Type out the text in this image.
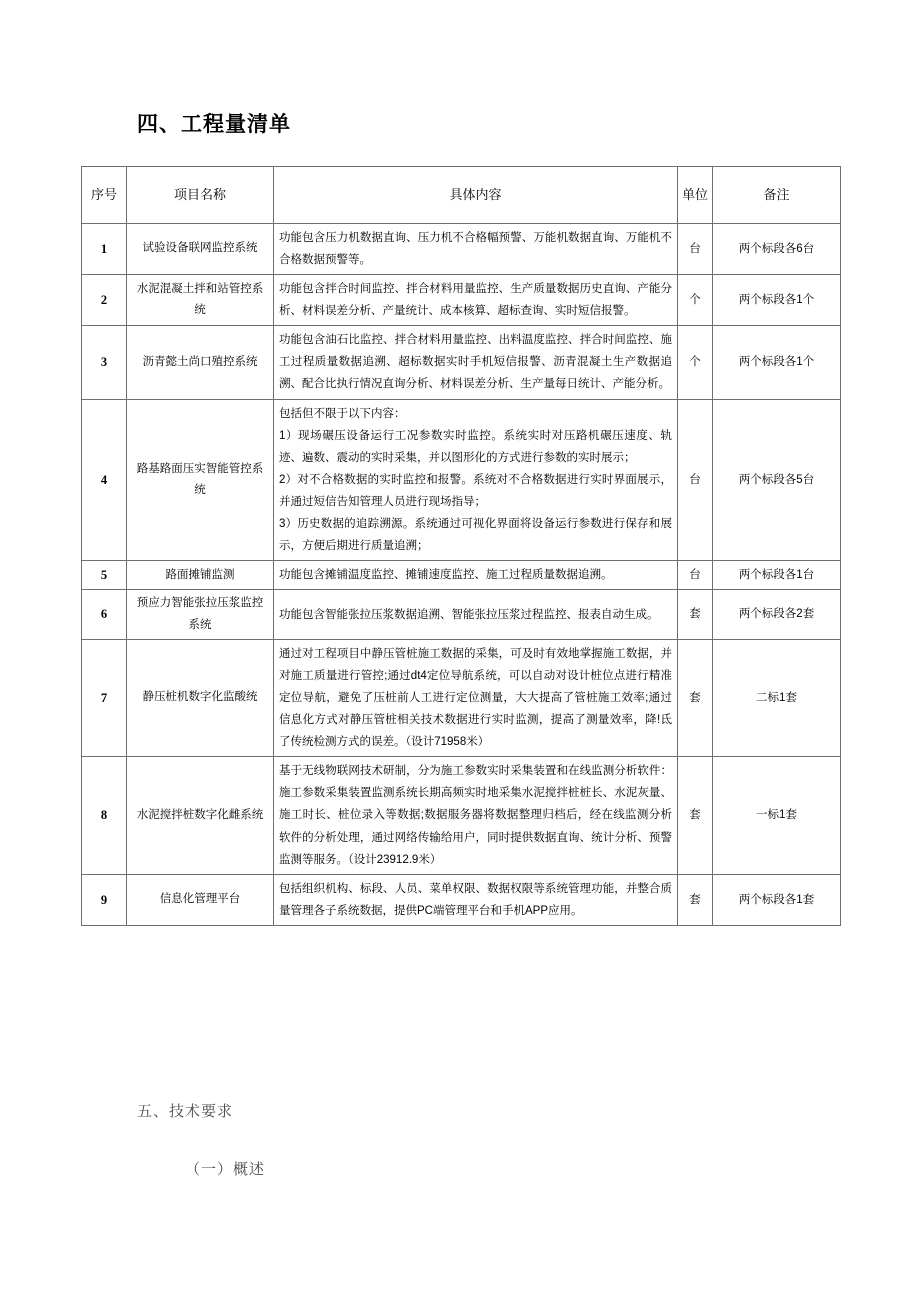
四、工程量清单
序号	项目名称	具体内容	单位	备注
1	试验设备联网监控系统	功能包含压力机数据直询、压力机不合格幅预警、万能机数据直询、万能机不合格数据预警等。	台	两个标段各6台
2	水泥混凝土拌和站管控系统	功能包含拌合时间监控、拌合材料用量监控、生产质量数据历史直询、产能分析、材料误差分析、产量统计、成本核算、超标查询、实时短信报警。	个	两个标段各1个
3	沥青懿土尚口殖控系统	功能包含油石比监控、拌合材料用量监控、出料温度监控、拌合时间监控、施工过程质量数据追溯、超标数据实时手机短信报警、沥青混凝土生产数据追溯、配合比执行情况直询分析、材料误差分析、生产量每日统计、产能分析。	个	两个标段各1个
4	路基路面压实智能管控系统	包括但不限于以下内容：
1）现场碾压设备运行工况参数实时监控。系统实时对压路机碾压速度、轨迹、遍数、震动的实时采集，并以图形化的方式进行参数的实时展示；
2）对不合格数据的实时监控和报警。系统对不合格数据进行实时界面展示，并通过短信告知管理人员进行现场指导；
3）历史数据的追踪溯源。系统通过可视化界面将设备运行参数进行保存和展示，方便后期进行质量追溯；	台	两个标段各5台
5	路面摊铺监测	功能包含摊铺温度监控、摊铺速度监控、施工过程质量数据追溯。	台	两个标段各1台
6	预应力智能张拉压浆监控系统	功能包含智能张拉压浆数据追溯、智能张拉压浆过程监控、报表自动生成。	套	两个标段各2套
7	静压桩机数字化监酸统	通过对工程项目中静压管桩施工数据的采集，可及时有效地掌握施工数据，并对施工质量进行管控;通过dt4定位导航系统，可以自动对设计桩位点进行精准定位导航，避免了压桩前人工进行定位测量，大大提高了管桩施工效率;通过信息化方式对静压管桩相关技术数据进行实时监测，提高了测量效率，降!氐了传统检测方式的误差。（设计71958米）	套	二标1套
8	水泥搅拌桩数字化雌系统	基于无线物联网技术研制，分为施工参数实时采集装置和在线监测分析软件：施工参数采集装置监测系统长期高频实时地采集水泥搅拌桩桩长、水泥灰量、施工时长、桩位录入等数据;数据服务器将数据整理归档后，经在线监测分析软件的分析处理，通过网络传输给用户，同时提供数据直询、统计分析、预警监测等服务。（设计23912.9米）	套	一标1套
9	信息化管理平台	包括组织机构、标段、人员、菜单权限、数据权限等系统管理功能，并整合质量管理各子系统数据，提供PC端管理平台和手机APP应用。	套	两个标段各1套
五、技术要求
（一）概述
